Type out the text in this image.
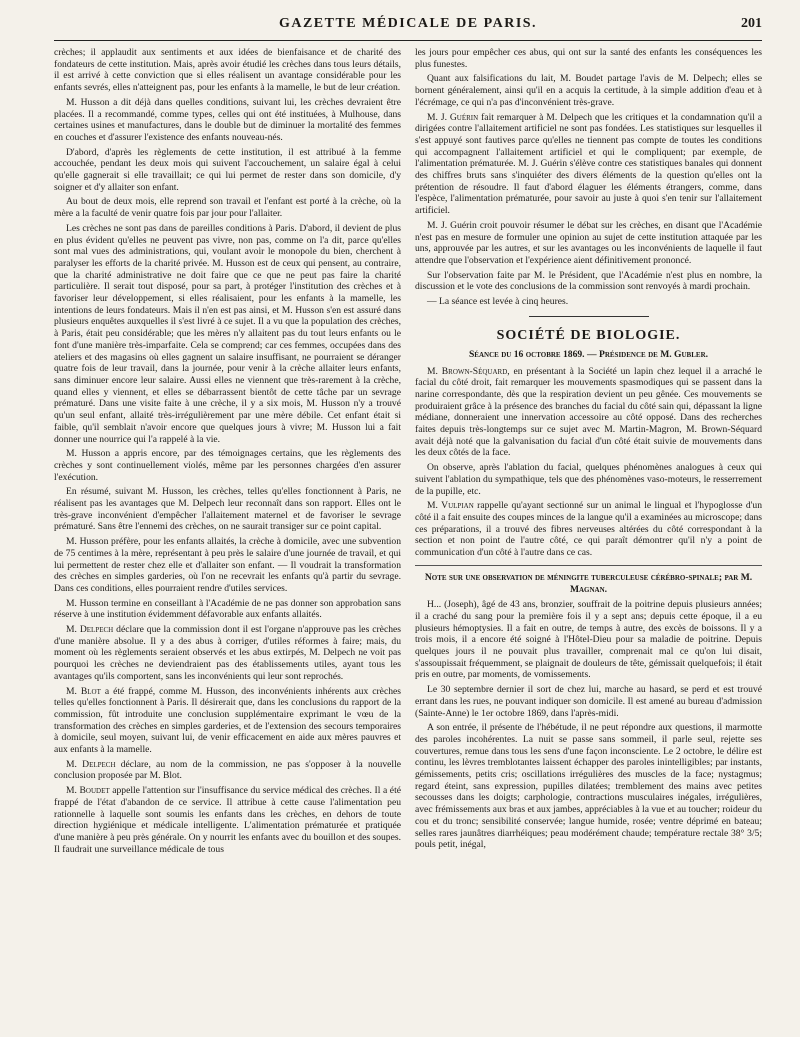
GAZETTE MÉDICALE DE PARIS.	201

crèches; il applaudit aux sentiments et aux idées de bienfaisance et de charité des fondateurs de cette institution. Mais, après avoir étudié les crèches dans tous leurs détails, il est arrivé à cette conviction que si elles réalisent un avantage considérable pour les enfants sevrés, elles n'atteignent pas, pour les enfants à la mamelle, le but de leur création.

M. Husson a dit déjà dans quelles conditions, suivant lui, les crèches devraient être placées. Il a recommandé, comme types, celles qui ont été instituées, à Mulhouse, dans certaines usines et manufactures, dans le double but de diminuer la mortalité des femmes en couches et d'assurer l'existence des enfants nouveau-nés.

D'abord, d'après les règlements de cette institution, il est attribué à la femme accouchée, pendant les deux mois qui suivent l'accouchement, un salaire égal à celui qu'elle gagnerait si elle travaillait; ce qui lui permet de rester dans son domicile, d'y soigner et d'y allaiter son enfant.

Au bout de deux mois, elle reprend son travail et l'enfant est porté à la crèche, où la mère a la faculté de venir quatre fois par jour pour l'allaiter.

Les crèches ne sont pas dans de pareilles conditions à Paris. D'abord, il devient de plus en plus évident qu'elles ne peuvent pas vivre, non pas, comme on l'a dit, parce qu'elles sont mal vues des administrations, qui, voulant avoir le monopole du bien, cherchent à paralyser les efforts de la charité privée. M. Husson est de ceux qui pensent, au contraire, que la charité administrative ne doit faire que ce que ne peut pas faire la charité particulière. Il serait tout disposé, pour sa part, à protéger l'institution des crèches et à favoriser leur développement, si elles réalisaient, pour les enfants à la mamelle, les intentions de leurs fondateurs. Mais il n'en est pas ainsi, et M. Husson s'en est assuré dans plusieurs enquêtes auxquelles il s'est livré à ce sujet. Il a vu que la population des crèches, à Paris, était peu considérable; que les mères n'y allaitent pas du tout leurs enfants ou le font d'une manière très-imparfaite. Cela se comprend; car ces femmes, occupées dans des ateliers et des magasins où elles gagnent un salaire insuffisant, ne pourraient se déranger quatre fois de leur travail, dans la journée, pour venir à la crèche allaiter leurs enfants, sans diminuer encore leur salaire. Aussi elles ne viennent que très-rarement à la crèche, quand elles y viennent, et elles se débarrassent bientôt de cette tâche par un sevrage prématuré. Dans une visite faite à une crèche, il y a six mois, M. Husson n'y a trouvé qu'un seul enfant, allaité très-irrégulièrement par une mère débile. Cet enfant était si faible, qu'il semblait n'avoir encore que quelques jours à vivre; M. Husson lui a fait donner une nourrice qui l'a rappelé à la vie.

M. Husson a appris encore, par des témoignages certains, que les règlements des crèches y sont continuellement violés, même par les personnes chargées d'en assurer l'exécution.

En résumé, suivant M. Husson, les crèches, telles qu'elles fonctionnent à Paris, ne réalisent pas les avantages que M. Delpech leur reconnaît dans son rapport. Elles ont le très-grave inconvénient d'empêcher l'allaitement maternel et de favoriser le sevrage prématuré. Sans être l'ennemi des crèches, on ne saurait transiger sur ce point capital.

M. Husson préfère, pour les enfants allaités, la crèche à domicile, avec une subvention de 75 centimes à la mère, représentant à peu près le salaire d'une journée de travail, et qui lui permettent de rester chez elle et d'allaiter son enfant. — Il voudrait la transformation des crèches en simples garderies, où l'on ne recevrait les enfants qu'à partir du sevrage. Dans ces conditions, elles pourraient rendre d'utiles services.

M. Husson termine en conseillant à l'Académie de ne pas donner son approbation sans réserve à une institution évidemment défavorable aux enfants allaités.

M. Delpech déclare que la commission dont il est l'organe n'approuve pas les crèches d'une manière absolue. Il y a des abus à corriger, d'utiles réformes à faire; mais, du moment où les règlements seraient observés et les abus extirpés, M. Delpech ne voit pas pourquoi les crèches ne deviendraient pas des établissements utiles, ayant tous les avantages qu'ils comportent, sans les inconvénients qui leur sont reprochés.

M. Blot a été frappé, comme M. Husson, des inconvénients inhérents aux crèches telles qu'elles fonctionnent à Paris. Il désirerait que, dans les conclusions du rapport de la commission, fût introduite une conclusion supplémentaire exprimant le vœu de la transformation des crèches en simples garderies, et de l'extension des secours temporaires à domicile, seul moyen, suivant lui, de venir efficacement en aide aux mères pauvres et aux enfants à la mamelle.

M. Delpech déclare, au nom de la commission, ne pas s'opposer à la nouvelle conclusion proposée par M. Blot.

M. Boudet appelle l'attention sur l'insuffisance du service médical des crèches. Il a été frappé de l'état d'abandon de ce service. Il attribue à cette cause l'alimentation peu rationnelle à laquelle sont soumis les enfants dans les crèches, en dehors de toute direction hygiénique et médicale intelligente. L'alimentation prématurée et pratiquée d'une manière à peu près générale. On y nourrit les enfants avec du bouillon et des soupes. Il faudrait une surveillance médicale de tous

les jours pour empêcher ces abus, qui ont sur la santé des enfants les conséquences les plus funestes.

Quant aux falsifications du lait, M. Boudet partage l'avis de M. Delpech; elles se bornent généralement, ainsi qu'il en a acquis la certitude, à la simple addition d'eau et à l'écrémage, ce qui n'a pas d'inconvénient très-grave.

M. J. Guérin fait remarquer à M. Delpech que les critiques et la condamnation qu'il a dirigées contre l'allaitement artificiel ne sont pas fondées. Les statistiques sur lesquelles il s'est appuyé sont fautives parce qu'elles ne tiennent pas compte de toutes les conditions qui accompagnent l'allaitement artificiel et qui le compliquent; par exemple, de l'alimentation prématurée. M. J. Guérin s'élève contre ces statistiques banales qui donnent des chiffres bruts sans s'inquiéter des divers éléments de la question qu'elles ont la prétention de résoudre. Il faut d'abord élaguer les éléments étrangers, comme, dans l'espèce, l'alimentation prématurée, pour savoir au juste à quoi s'en tenir sur l'allaitement artificiel.

M. J. Guérin croit pouvoir résumer le débat sur les crèches, en disant que l'Académie n'est pas en mesure de formuler une opinion au sujet de cette institution attaquée par les uns, approuvée par les autres, et sur les avantages ou les inconvénients de laquelle il faut attendre que l'observation et l'expérience aient définitivement prononcé.

Sur l'observation faite par M. le Président, que l'Académie n'est plus en nombre, la discussion et le vote des conclusions de la commission sont renvoyés à mardi prochain.

— La séance est levée à cinq heures.

SOCIÉTÉ DE BIOLOGIE.
Séance du 16 octobre 1869. — Présidence de M. Gubler.

M. Brown-Séquard, en présentant à la Société un lapin chez lequel il a arraché le facial du côté droit, fait remarquer les mouvements spasmodiques qui se passent dans la narine correspondante, dès que la respiration devient un peu gênée. Ces mouvements se produiraient grâce à la présence des branches du facial du côté sain qui, dépassant la ligne médiane, donneraient une innervation accessoire au côté opposé. Dans des recherches faites depuis très-longtemps sur ce sujet avec M. Martin-Magron, M. Brown-Séquard avait déjà noté que la galvanisation du facial d'un côté était suivie de mouvements dans les deux côtés de la face.

On observe, après l'ablation du facial, quelques phénomènes analogues à ceux qui suivent l'ablation du sympathique, tels que des phénomènes vaso-moteurs, le resserrement de la pupille, etc.

M. Vulpian rappelle qu'ayant sectionné sur un animal le lingual et l'hypoglosse d'un côté il a fait ensuite des coupes minces de la langue qu'il a examinées au microscope; dans ces préparations, il a trouvé des fibres nerveuses altérées du côté correspondant à la section et non point de l'autre côté, ce qui paraît démontrer qu'il n'y a point de communication d'un côté à l'autre dans ce cas.

Note sur une observation de méningite tuberculeuse cérébro-spinale; par M. Magnan.

H... (Joseph), âgé de 43 ans, bronzier, souffrait de la poitrine depuis plusieurs années; il a craché du sang pour la première fois il y a sept ans; depuis cette époque, il a eu plusieurs hémoptysies. Il a fait en outre, de temps à autre, des excès de boissons. Il y a trois mois, il a encore été soigné à l'Hôtel-Dieu pour sa maladie de poitrine. Depuis quelques jours il ne pouvait plus travailler, comprenait mal ce qu'on lui disait, s'assoupissait fréquemment, se plaignait de douleurs de tête, gémissait quelquefois; il était pris en outre, par moments, de vomissements.

Le 30 septembre dernier il sort de chez lui, marche au hasard, se perd et est trouvé errant dans les rues, ne pouvant indiquer son domicile. Il est amené au bureau d'admission (Sainte-Anne) le 1er octobre 1869, dans l'après-midi.

A son entrée, il présente de l'hébétude, il ne peut répondre aux questions, il marmotte des paroles incohérentes. La nuit se passe sans sommeil, il parle seul, rejette ses couvertures, remue dans tous les sens d'une façon inconsciente. Le 2 octobre, le délire est continu, les lèvres tremblotantes laissent échapper des paroles inintelligibles; par instants, gémissements, petits cris; oscillations irrégulières des muscles de la face; nystagmus; regard éteint, sans expression, pupilles dilatées; tremblement des mains avec petites secousses dans les doigts; carphologie, contractions musculaires inégales, irrégulières, avec frémissements aux bras et aux jambes, appréciables à la vue et au toucher; roideur du cou et du tronc; sensibilité conservée; langue humide, rosée; ventre déprimé en bateau; selles rares jaunâtres diarrhéiques; peau modérément chaude; température rectale 38° 3/5; pouls petit, inégal,
